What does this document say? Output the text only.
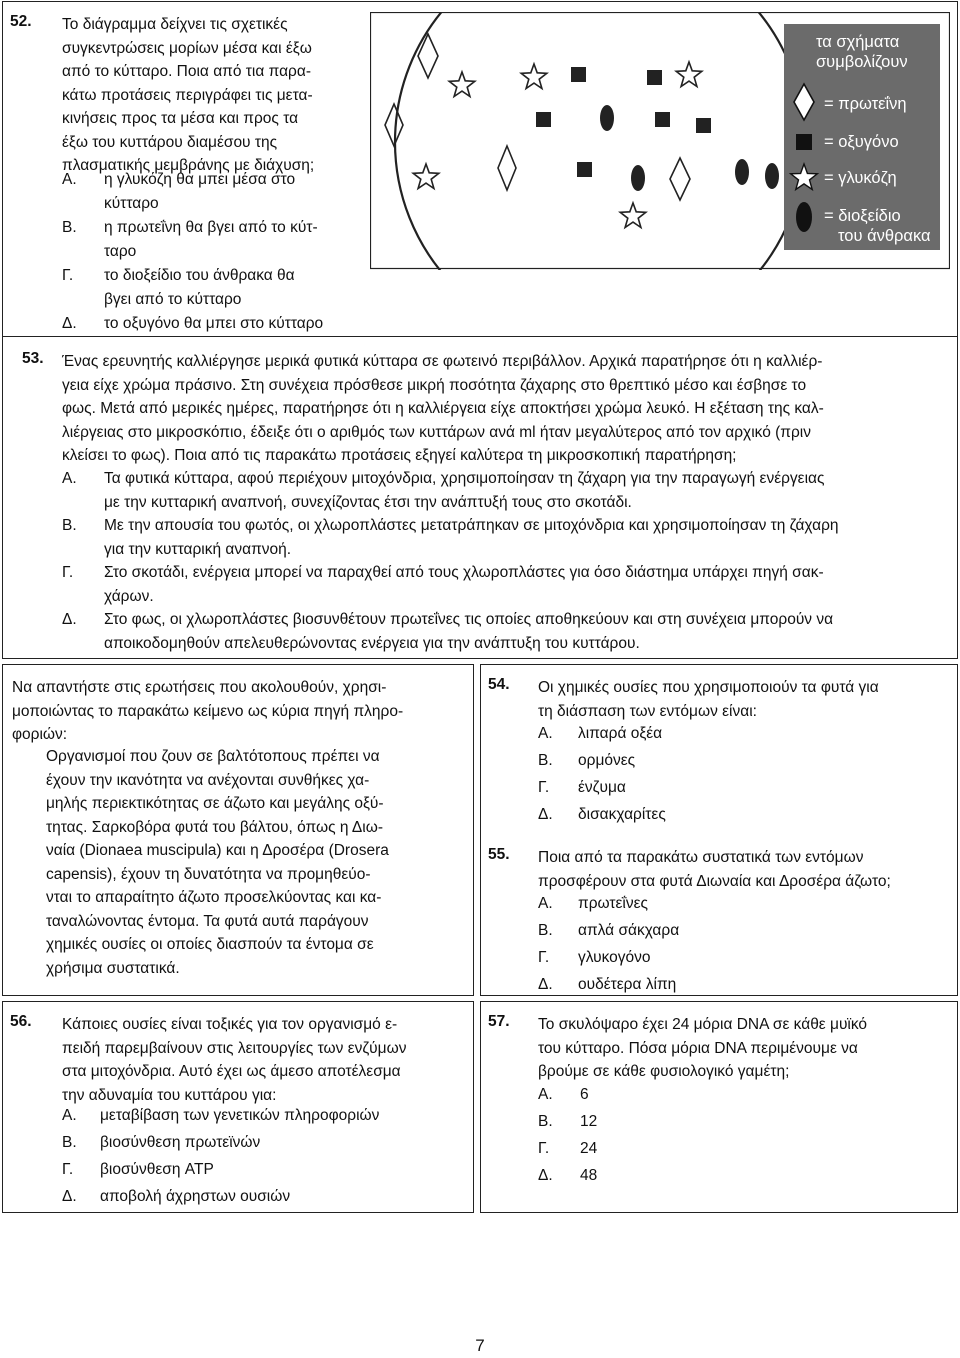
52. Το διάγραμμα δείχνει τις σχετικές
συγκεντρώσεις μορίων μέσα και έξω
από το κύτταρο. Ποια από τια παρα-
κάτω προτάσεις περιγράφει τις μετα-
κινήσεις προς τα μέσα και προς τα
έξω του κυττάρου διαμέσου της
πλασματικής μεμβράνης με διάχυση;
Α. η γλυκόζη θα μπει μέσα στο
κύτταρο
Β. η πρωτεΐνη θα βγει από το κύτ-
ταρο
Γ. το διοξείδιο του άνθρακα θα
βγει από το κύτταρο
Δ. το οξυγόνο θα μπει στο κύτταρο
τα σχήματα
συμβολίζουν
= πρωτεΐνη
= οξυγόνο
= γλυκόζη
= διοξείδιο
του άνθρακα
53. Ένας ερευνητής καλλιέργησε μερικά φυτικά κύτταρα σε φωτεινό περιβάλλον. Αρχικά παρατήρησε ότι η καλλιέρ-
γεια είχε χρώμα πράσινο. Στη συνέχεια πρόσθεσε μικρή ποσότητα ζάχαρης στο θρεπτικό μέσο και έσβησε το
φως. Μετά από μερικές ημέρες, παρατήρησε ότι η καλλιέργεια είχε αποκτήσει χρώμα λευκό. Η εξέταση της καλ-
λιέργειας στο μικροσκόπιο, έδειξε ότι ο αριθμός των κυττάρων ανά ml ήταν μεγαλύτερος από τον αρχικό (πριν
κλείσει το φως). Ποια από τις παρακάτω προτάσεις εξηγεί καλύτερα τη μικροσκοπική παρατήρηση;
Α. Τα φυτικά κύτταρα, αφού περιέχουν μιτοχόνδρια, χρησιμοποίησαν τη ζάχαρη για την παραγωγή ενέργειας
με την κυτταρική αναπνοή, συνεχίζοντας έτσι την ανάπτυξή τους στο σκοτάδι.
Β. Με την απουσία του φωτός, οι χλωροπλάστες μετατράπηκαν σε μιτοχόνδρια και χρησιμοποίησαν τη ζάχαρη
για την κυτταρική αναπνοή.
Γ. Στο σκοτάδι, ενέργεια μπορεί να παραχθεί από τους χλωροπλάστες για όσο διάστημα υπάρχει πηγή σακ-
χάρων.
Δ. Στο φως, οι χλωροπλάστες βιοσυνθέτουν πρωτεΐνες τις οποίες αποθηκεύουν και στη συνέχεια μπορούν να
αποικοδομηθούν απελευθερώνοντας ενέργεια για την ανάπτυξη του κυττάρου.
Να απαντήστε στις ερωτήσεις που ακολουθούν, χρησι-
μοποιώντας το παρακάτω κείμενο ως κύρια πηγή πληρο-
φοριών:
Οργανισμοί που ζουν σε βαλτότοπους πρέπει να
έχουν την ικανότητα να ανέχονται συνθήκες χα-
μηλής περιεκτικότητας σε άζωτο και μεγάλης οξύ-
τητας. Σαρκοβόρα φυτά του βάλτου, όπως η Διω-
ναία (Dionaea muscipula) και η Δροσέρα (Drosera
capensis), έχουν τη δυνατότητα να προμηθεύο-
νται το απαραίτητο άζωτο προσελκύοντας και κα-
ταναλώνοντας έντομα. Τα φυτά αυτά παράγουν
χημικές ουσίες οι οποίες διασπούν τα έντομα σε
χρήσιμα συστατικά.
54. Οι χημικές ουσίες που χρησιμοποιούν τα φυτά για
τη διάσπαση των εντόμων είναι:
Α. λιπαρά οξέα
Β. ορμόνες
Γ. ένζυμα
Δ. δισακχαρίτες
55. Ποια από τα παρακάτω συστατικά των εντόμων
προσφέρουν στα φυτά Διωναία και Δροσέρα άζωτο;
Α. πρωτεΐνες
Β. απλά σάκχαρα
Γ. γλυκογόνο
Δ. ουδέτερα λίπη
56. Κάποιες ουσίες είναι τοξικές για τον οργανισμό ε-
πειδή παρεμβαίνουν στις λειτουργίες των ενζύμων
στα μιτοχόνδρια. Αυτό έχει ως άμεσο αποτέλεσμα
την αδυναμία του κυττάρου για:
Α. μεταβίβαση των γενετικών πληροφοριών
Β. βιοσύνθεση πρωτεϊνών
Γ. βιοσύνθεση ATP
Δ. αποβολή άχρηστων ουσιών
57. Το σκυλόψαρο έχει 24 μόρια DNA σε κάθε μυϊκό
του κύτταρο. Πόσα μόρια DNA περιμένουμε να
βρούμε σε κάθε φυσιολογικό γαμέτη;
Α. 6
Β. 12
Γ. 24
Δ. 48
7
